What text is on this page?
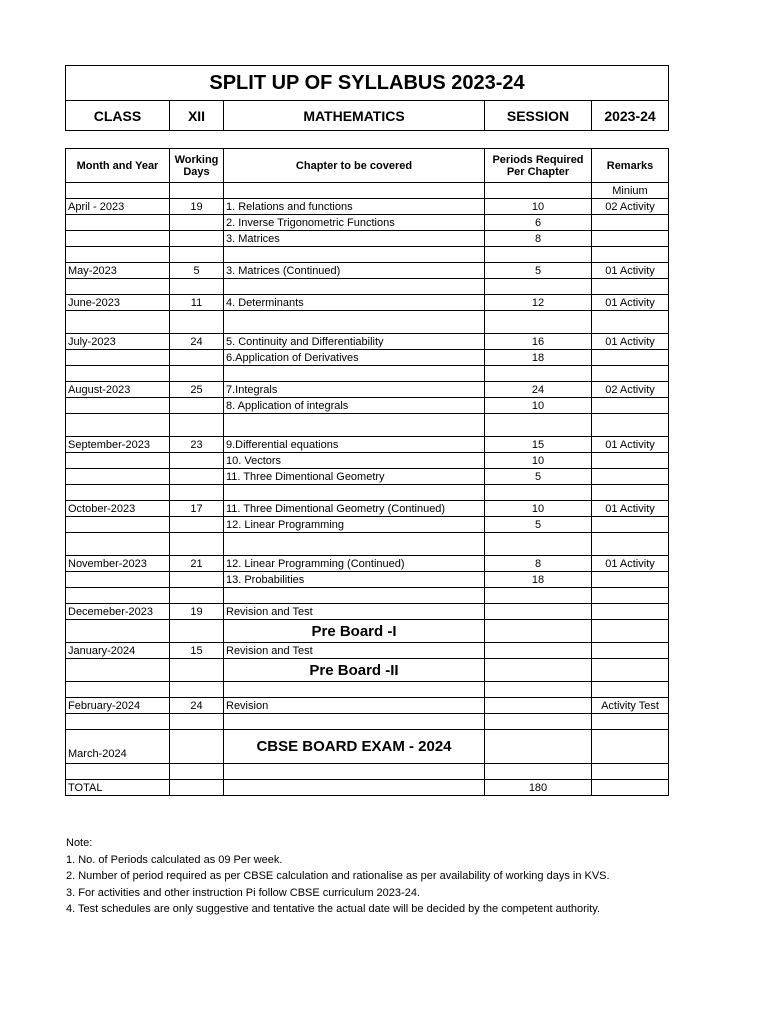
SPLIT UP OF SYLLABUS 2023-24
CLASS	XII	MATHEMATICS	SESSION	2023-24
Month and Year	Working Days	Chapter to be covered	Periods Required Per Chapter	Remarks
				Minium
April - 2023	19	1. Relations and functions	10	02 Activity
		2. Inverse Trigonometric Functions	6	
		3. Matrices	8	

May-2023	5	3. Matrices (Continued)	5	01 Activity

June-2023	11	4. Determinants	12	01 Activity

July-2023	24	5. Continuity and Differentiability	16	01 Activity
		6.Application of Derivatives	18	

August-2023	25	7.Integrals	24	02 Activity
		8. Application of integrals	10	

September-2023	23	9.Differential equations	15	01 Activity
		10. Vectors	10	
		11. Three Dimentional Geometry	5	

October-2023	17	11. Three Dimentional Geometry (Continued)	10	01 Activity
		12. Linear Programming	5	

November-2023	21	12. Linear Programming (Continued)	8	01 Activity
		13. Probabilities	18	

Decemeber-2023	19	Revision and Test		
		Pre Board -I		
January-2024	15	Revision and Test		
		Pre Board -II		

February-2024	24	Revision		Activity Test

March-2024		CBSE BOARD EXAM - 2024		

TOTAL			180	
Note:
1. No. of Periods calculated as 09 Per week.
2. Number of period required as per CBSE calculation and rationalise as per availability of working days in KVS.
3. For activities and other instruction Pi follow CBSE curriculum 2023-24.
4. Test schedules are only suggestive and tentative the actual date will be decided by the competent authority.
